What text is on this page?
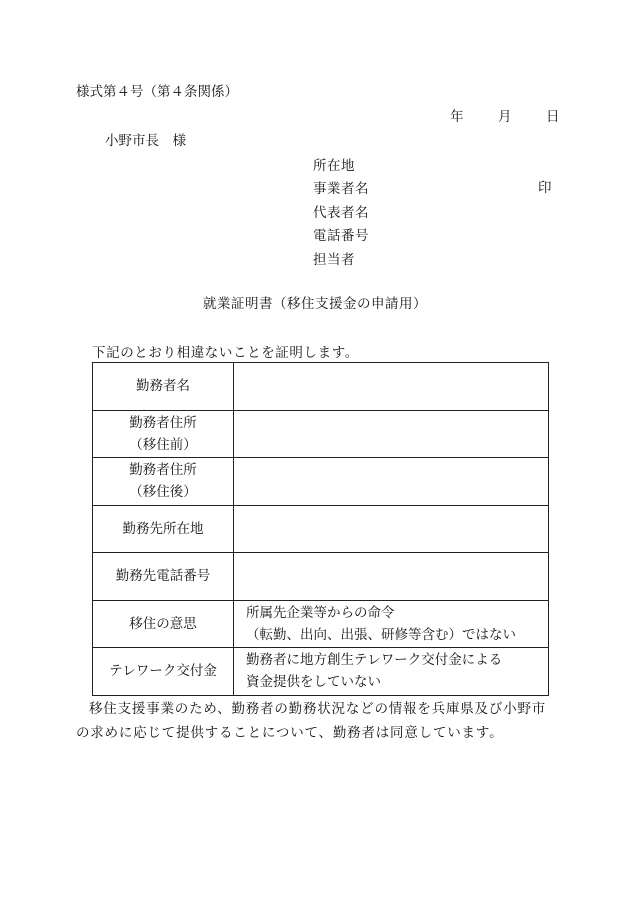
様式第４号（第４条関係）
年	月	日
小野市長　様
所在地
事業者名
代表者名
電話番号
担当者
印
就業証明書（移住支援金の申請用）
下記のとおり相違ないことを証明します。
勤務者名	

勤務者住所
（移住前）	

勤務者住所
（移住後）	

勤務先所在地	

勤務先電話番号	

移住の意思	所属先企業等からの命令
（転勤、出向、出張、研修等含む）ではない

テレワーク交付金	勤務者に地方創生テレワーク交付金による
資金提供をしていない
移住支援事業のため、勤務者の勤務状況などの情報を兵庫県及び小野市の求めに応じて提供することについて、勤務者は同意しています。
